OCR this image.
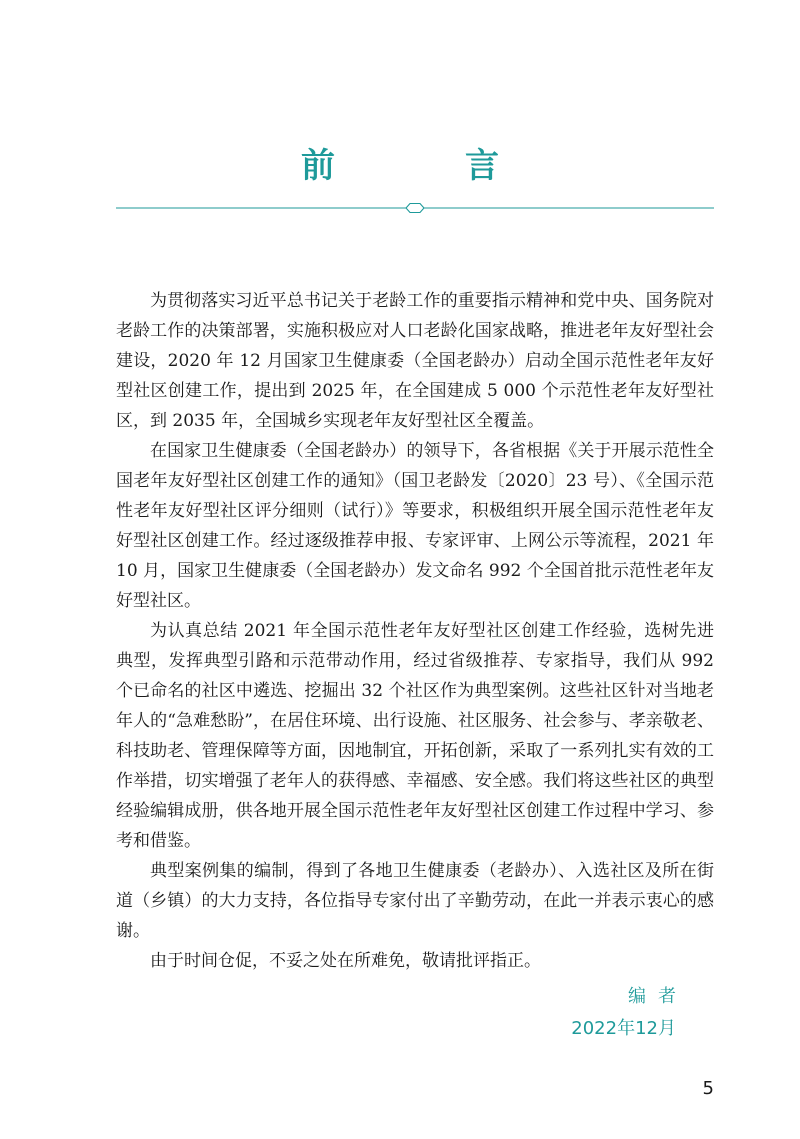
前　言

为贯彻落实习近平总书记关于老龄工作的重要指示精神和党中央、国务院对老龄工作的决策部署，实施积极应对人口老龄化国家战略，推进老年友好型社会建设，2020 年 12 月国家卫生健康委（全国老龄办）启动全国示范性老年友好型社区创建工作，提出到 2025 年，在全国建成 5 000 个示范性老年友好型社区，到 2035 年，全国城乡实现老年友好型社区全覆盖。

在国家卫生健康委（全国老龄办）的领导下，各省根据《关于开展示范性全国老年友好型社区创建工作的通知》（国卫老龄发〔2020〕23 号）、《全国示范性老年友好型社区评分细则（试行）》等要求，积极组织开展全国示范性老年友好型社区创建工作。经过逐级推荐申报、专家评审、上网公示等流程，2021 年 10 月，国家卫生健康委（全国老龄办）发文命名 992 个全国首批示范性老年友好型社区。

为认真总结 2021 年全国示范性老年友好型社区创建工作经验，选树先进典型，发挥典型引路和示范带动作用，经过省级推荐、专家指导，我们从 992 个已命名的社区中遴选、挖掘出 32 个社区作为典型案例。这些社区针对当地老年人的“急难愁盼”，在居住环境、出行设施、社区服务、社会参与、孝亲敬老、科技助老、管理保障等方面，因地制宜，开拓创新，采取了一系列扎实有效的工作举措，切实增强了老年人的获得感、幸福感、安全感。我们将这些社区的典型经验编辑成册，供各地开展全国示范性老年友好型社区创建工作过程中学习、参考和借鉴。

典型案例集的编制，得到了各地卫生健康委（老龄办）、入选社区及所在街道（乡镇）的大力支持，各位指导专家付出了辛勤劳动，在此一并表示衷心的感谢。

由于时间仓促，不妥之处在所难免，敬请批评指正。

编者
2022年12月
5
